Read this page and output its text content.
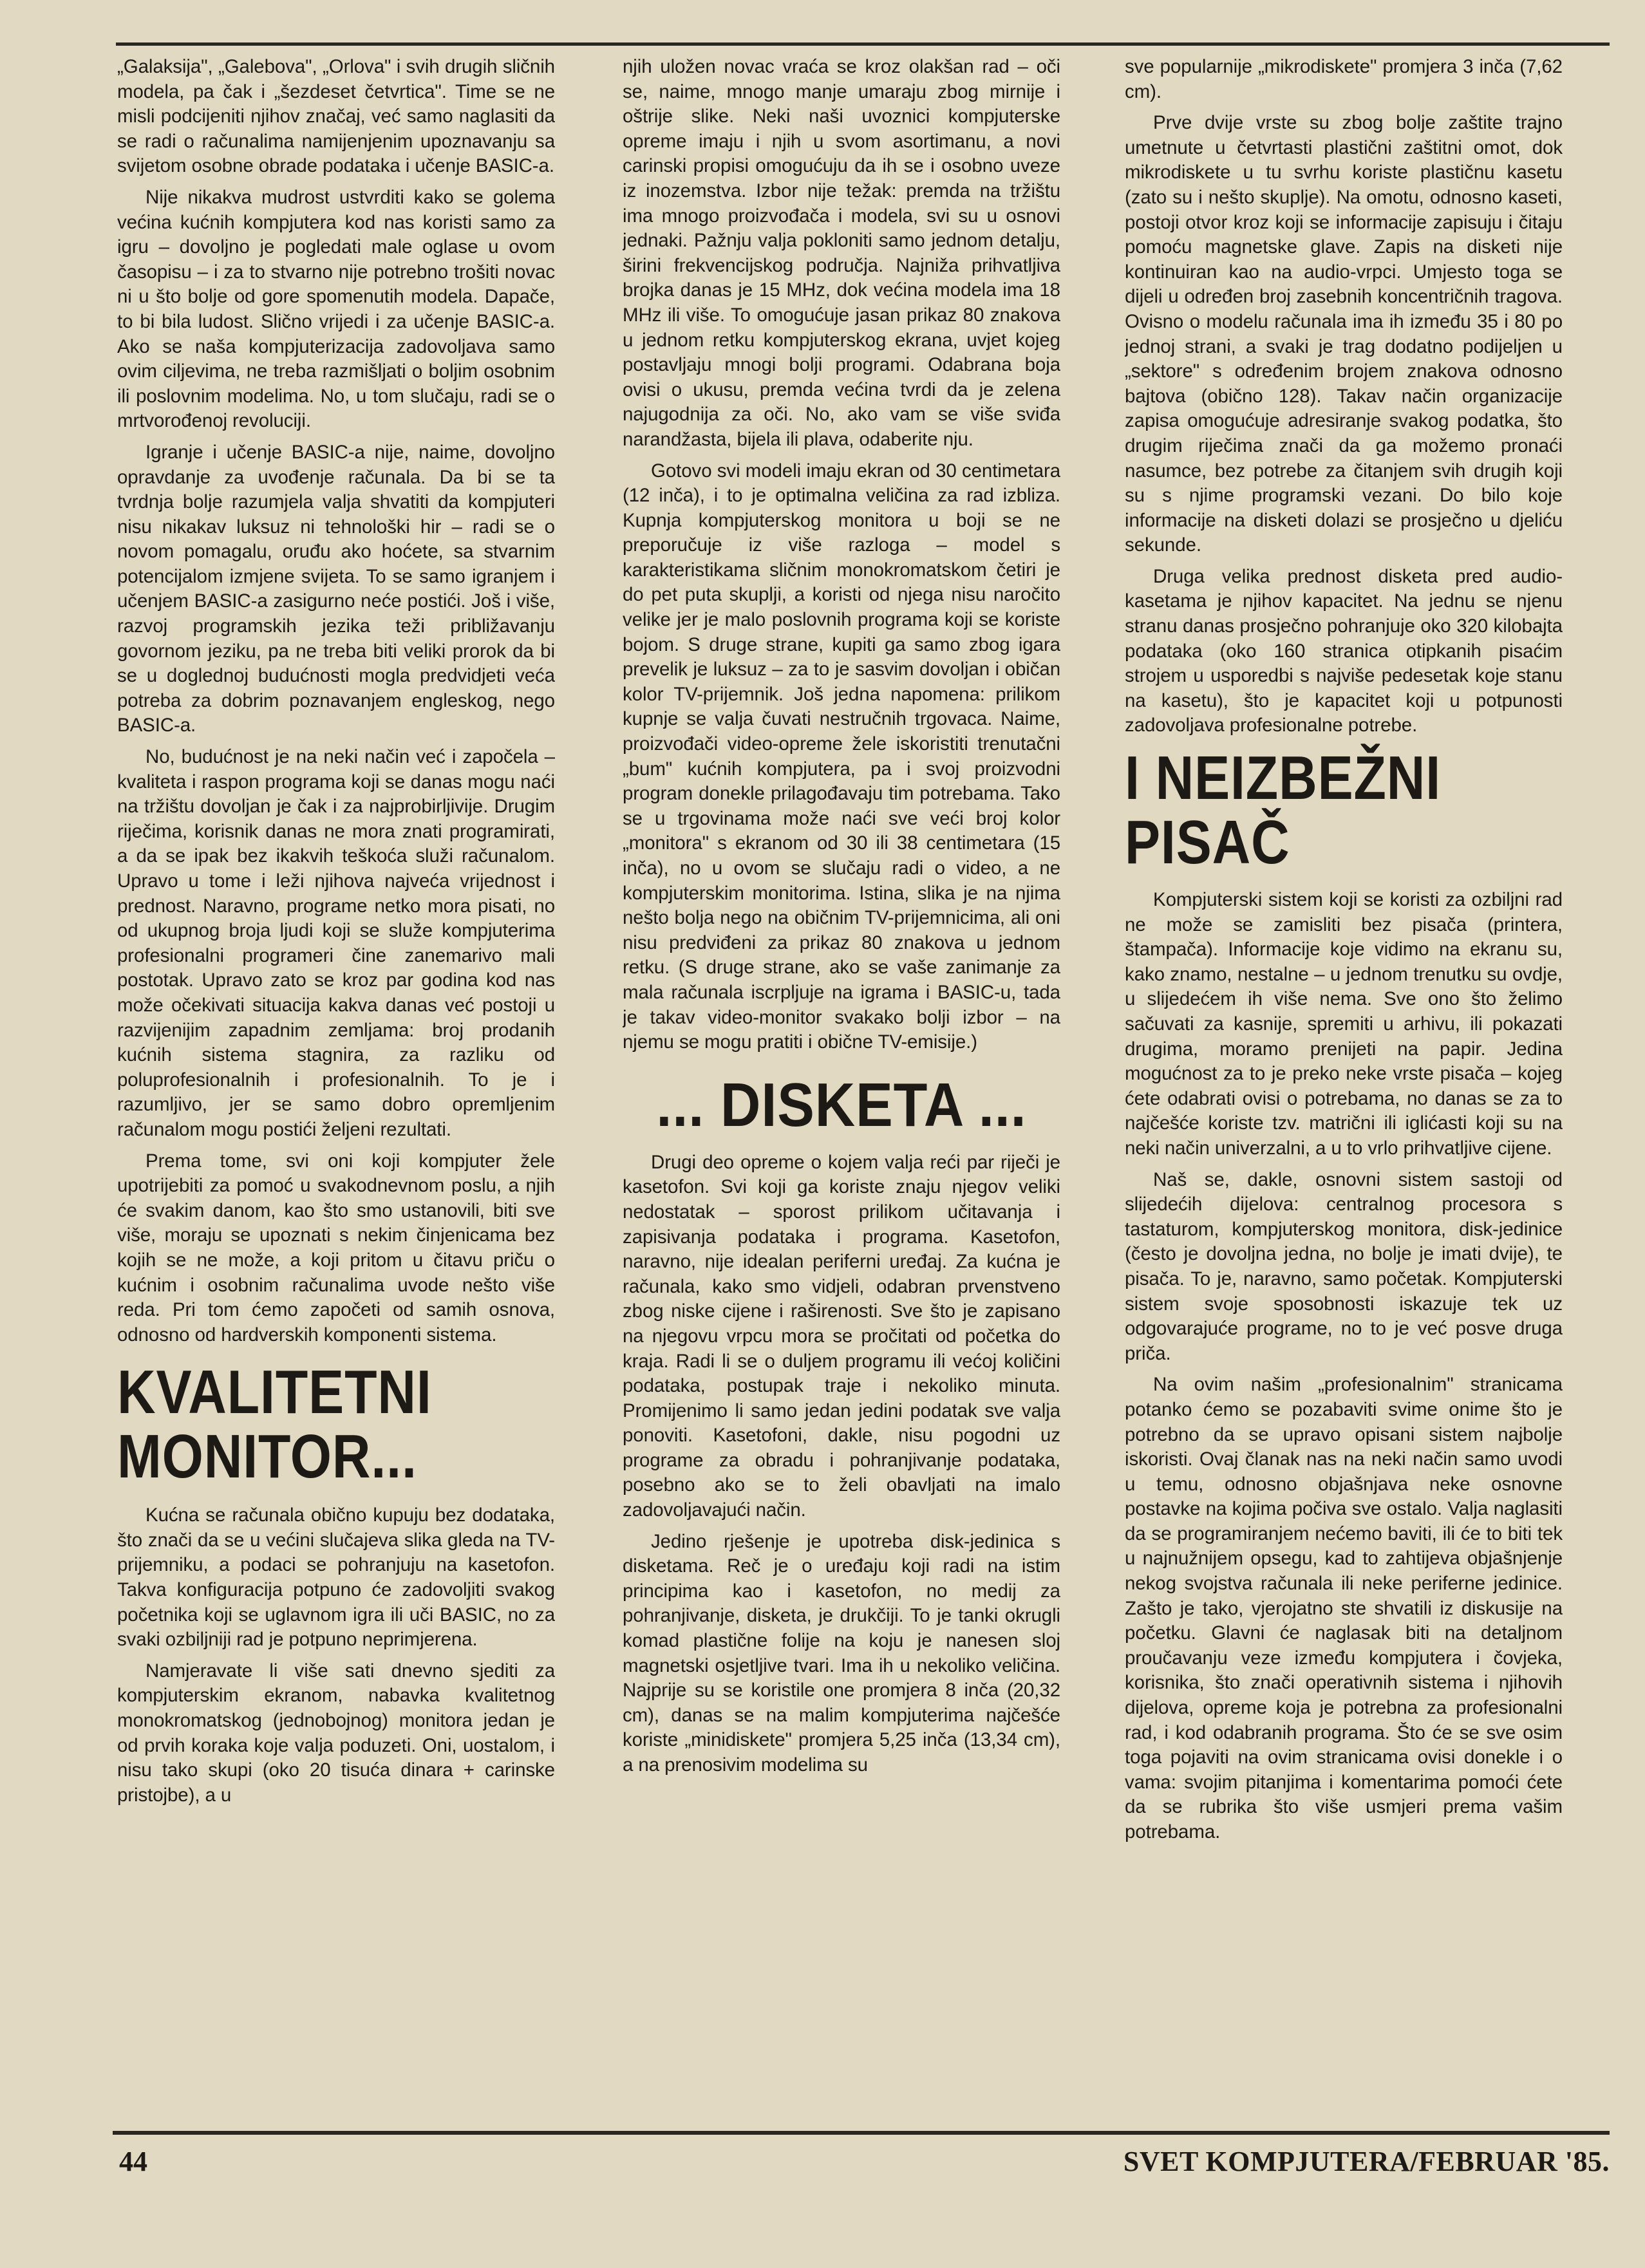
„Galaksija", „Galebova", „Orlova" i svih drugih sličnih modela, pa čak i „šezdeset četvrtica". Time se ne misli podcijeniti njihov značaj, već samo naglasiti da se radi o računalima namijenjenim upoznavanju sa svijetom osobne obrade podataka i učenje BASIC-a.

Nije nikakva mudrost ustvrditi kako se golema većina kućnih kompjutera kod nas koristi samo za igru – dovoljno je pogledati male oglase u ovom časopisu – i za to stvarno nije potrebno trošiti novac ni u što bolje od gore spomenutih modela. Dapače, to bi bila ludost. Slično vrijedi i za učenje BASIC-a. Ako se naša kompjuterizacija zadovoljava samo ovim ciljevima, ne treba razmišljati o boljim osobnim ili poslovnim modelima. No, u tom slučaju, radi se o mrtvorođenoj revoluciji.

Igranje i učenje BASIC-a nije, naime, dovoljno opravdanje za uvođenje računala. Da bi se ta tvrdnja bolje razumjela valja shvatiti da kompjuteri nisu nikakav luksuz ni tehnološki hir – radi se o novom pomagalu, oruđu ako hoćete, sa stvarnim potencijalom izmjene svijeta. To se samo igranjem i učenjem BASIC-a zasigurno neće postići. Još i više, razvoj programskih jezika teži približavanju govornom jeziku, pa ne treba biti veliki prorok da bi se u doglednoj budućnosti mogla predvidjeti veća potreba za dobrim poznavanjem engleskog, nego BASIC-a.

No, budućnost je na neki način već i započela – kvaliteta i raspon programa koji se danas mogu naći na tržištu dovoljan je čak i za najprobirljivije. Drugim riječima, korisnik danas ne mora znati programirati, a da se ipak bez ikakvih teškoća služi računalom. Upravo u tome i leži njihova najveća vrijednost i prednost. Naravno, programe netko mora pisati, no od ukupnog broja ljudi koji se služe kompjuterima profesionalni programeri čine zanemarivo mali postotak. Upravo zato se kroz par godina kod nas može očekivati situacija kakva danas već postoji u razvijenijim zapadnim zemljama: broj prodanih kućnih sistema stagnira, za razliku od poluprofesionalnih i profesionalnih. To je i razumljivo, jer se samo dobro opremljenim računalom mogu postići željeni rezultati.

Prema tome, svi oni koji kompjuter žele upotrijebiti za pomoć u svakodnevnom poslu, a njih će svakim danom, kao što smo ustanovili, biti sve više, moraju se upoznati s nekim činjenicama bez kojih se ne može, a koji pritom u čitavu priču o kućnim i osobnim računalima uvode nešto više reda. Pri tom ćemo započeti od samih osnova, odnosno od hardverskih komponenti sistema.

KVALITETNI MONITOR...

Kućna se računala obično kupuju bez dodataka, što znači da se u većini slučajeva slika gleda na TV-prijemniku, a podaci se pohranjuju na kasetofon. Takva konfiguracija potpuno će zadovoljiti svakog početnika koji se uglavnom igra ili uči BASIC, no za svaki ozbiljniji rad je potpuno neprimjerena.

Namjeravate li više sati dnevno sjediti za kompjuterskim ekranom, nabavka kvalitetnog monokromatskog (jednobojnog) monitora jedan je od prvih koraka koje valja poduzeti. Oni, uostalom, i nisu tako skupi (oko 20 tisuća dinara + carinske pristojbe), a u

njih uložen novac vraća se kroz olakšan rad – oči se, naime, mnogo manje umaraju zbog mirnije i oštrije slike. Neki naši uvoznici kompjuterske opreme imaju i njih u svom asortimanu, a novi carinski propisi omogućuju da ih se i osobno uveze iz inozemstva. Izbor nije težak: premda na tržištu ima mnogo proizvođača i modela, svi su u osnovi jednaki. Pažnju valja pokloniti samo jednom detalju, širini frekvencijskog područja. Najniža prihvatljiva brojka danas je 15 MHz, dok većina modela ima 18 MHz ili više. To omogućuje jasan prikaz 80 znakova u jednom retku kompjuterskog ekrana, uvjet kojeg postavljaju mnogi bolji programi. Odabrana boja ovisi o ukusu, premda većina tvrdi da je zelena najugodnija za oči. No, ako vam se više sviđa narandžasta, bijela ili plava, odaberite nju.

Gotovo svi modeli imaju ekran od 30 centimetara (12 inča), i to je optimalna veličina za rad izbliza. Kupnja kompjuterskog monitora u boji se ne preporučuje iz više razloga – model s karakteristikama sličnim monokromatskom četiri je do pet puta skuplji, a koristi od njega nisu naročito velike jer je malo poslovnih programa koji se koriste bojom. S druge strane, kupiti ga samo zbog igara prevelik je luksuz – za to je sasvim dovoljan i običan kolor TV-prijemnik. Još jedna napomena: prilikom kupnje se valja čuvati nestručnih trgovaca. Naime, proizvođači video-opreme žele iskoristiti trenutačni „bum" kućnih kompjutera, pa i svoj proizvodni program donekle prilagođavaju tim potrebama. Tako se u trgovinama može naći sve veći broj kolor „monitora" s ekranom od 30 ili 38 centimetara (15 inča), no u ovom se slučaju radi o video, a ne kompjuterskim monitorima. Istina, slika je na njima nešto bolja nego na običnim TV-prijemnicima, ali oni nisu predviđeni za prikaz 80 znakova u jednom retku. (S druge strane, ako se vaše zanimanje za mala računala iscrpljuje na igrama i BASIC-u, tada je takav video-monitor svakako bolji izbor – na njemu se mogu pratiti i obične TV-emisije.)

... DISKETA ...

Drugi deo opreme o kojem valja reći par riječi je kasetofon. Svi koji ga koriste znaju njegov veliki nedostatak – sporost prilikom učitavanja i zapisivanja podataka i programa. Kasetofon, naravno, nije idealan periferni uređaj. Za kućna je računala, kako smo vidjeli, odabran prvenstveno zbog niske cijene i raširenosti. Sve što je zapisano na njegovu vrpcu mora se pročitati od početka do kraja. Radi li se o duljem programu ili većoj količini podataka, postupak traje i nekoliko minuta. Promijenimo li samo jedan jedini podatak sve valja ponoviti. Kasetofoni, dakle, nisu pogodni uz programe za obradu i pohranjivanje podataka, posebno ako se to želi obavljati na imalo zadovoljavajući način.

Jedino rješenje je upotreba disk-jedinica s disketama. Reč je o uređaju koji radi na istim principima kao i kasetofon, no medij za pohranjivanje, disketa, je drukčiji. To je tanki okrugli komad plastične folije na koju je nanesen sloj magnetski osjetljive tvari. Ima ih u nekoliko veličina. Najprije su se koristile one promjera 8 inča (20,32 cm), danas se na malim kompjuterima najčešće koriste „minidiskete" promjera 5,25 inča (13,34 cm), a na prenosivim modelima su

sve popularnije „mikrodiskete" promjera 3 inča (7,62 cm).

Prve dvije vrste su zbog bolje zaštite trajno umetnute u četvrtasti plastični zaštitni omot, dok mikrodiskete u tu svrhu koriste plastičnu kasetu (zato su i nešto skuplje). Na omotu, odnosno kaseti, postoji otvor kroz koji se informacije zapisuju i čitaju pomoću magnetske glave. Zapis na disketi nije kontinuiran kao na audio-vrpci. Umjesto toga se dijeli u određen broj zasebnih koncentričnih tragova. Ovisno o modelu računala ima ih između 35 i 80 po jednoj strani, a svaki je trag dodatno podijeljen u „sektore" s određenim brojem znakova odnosno bajtova (obično 128). Takav način organizacije zapisa omogućuje adresiranje svakog podatka, što drugim riječima znači da ga možemo pronaći nasumce, bez potrebe za čitanjem svih drugih koji su s njime programski vezani. Do bilo koje informacije na disketi dolazi se prosječno u djeliću sekunde.

Druga velika prednost disketa pred audio-kasetama je njihov kapacitet. Na jednu se njenu stranu danas prosječno pohranjuje oko 320 kilobajta podataka (oko 160 stranica otipkanih pisaćim strojem u usporedbi s najviše pedesetak koje stanu na kasetu), što je kapacitet koji u potpunosti zadovoljava profesionalne potrebe.

I NEIZBEŽNI PISAČ

Kompjuterski sistem koji se koristi za ozbiljni rad ne može se zamisliti bez pisača (printera, štampača). Informacije koje vidimo na ekranu su, kako znamo, nestalne – u jednom trenutku su ovdje, u slijedećem ih više nema. Sve ono što želimo sačuvati za kasnije, spremiti u arhivu, ili pokazati drugima, moramo prenijeti na papir. Jedina mogućnost za to je preko neke vrste pisača – kojeg ćete odabrati ovisi o potrebama, no danas se za to najčešće koriste tzv. matrični ili iglićasti koji su na neki način univerzalni, a u to vrlo prihvatljive cijene.

Naš se, dakle, osnovni sistem sastoji od slijedećih dijelova: centralnog procesora s tastaturom, kompjuterskog monitora, disk-jedinice (često je dovoljna jedna, no bolje je imati dvije), te pisača. To je, naravno, samo početak. Kompjuterski sistem svoje sposobnosti iskazuje tek uz odgovarajuće programe, no to je već posve druga priča.

Na ovim našim „profesionalnim" stranicama potanko ćemo se pozabaviti svime onime što je potrebno da se upravo opisani sistem najbolje iskoristi. Ovaj članak nas na neki način samo uvodi u temu, odnosno objašnjava neke osnovne postavke na kojima počiva sve ostalo. Valja naglasiti da se programiranjem nećemo baviti, ili će to biti tek u najnužnijem opsegu, kad to zahtijeva objašnjenje nekog svojstva računala ili neke periferne jedinice. Zašto je tako, vjerojatno ste shvatili iz diskusije na početku. Glavni će naglasak biti na detaljnom proučavanju veze između kompjutera i čovjeka, korisnika, što znači operativnih sistema i njihovih dijelova, opreme koja je potrebna za profesionalni rad, i kod odabranih programa. Što će se sve osim toga pojaviti na ovim stranicama ovisi donekle i o vama: svojim pitanjima i komentarima pomoći ćete da se rubrika što više usmjeri prema vašim potrebama.

44	SVET KOMPJUTERA/FEBRUAR '85.
